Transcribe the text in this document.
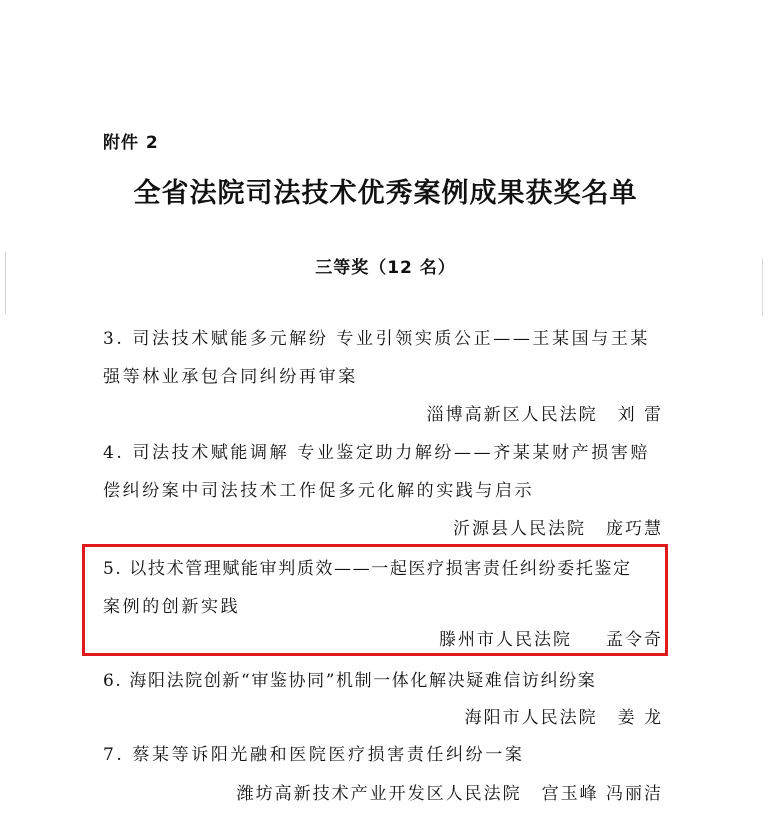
附件 2
全省法院司法技术优秀案例成果获奖名单
三等奖（12 名）
3. 司法技术赋能多元解纷 专业引领实质公正——王某国与王某
强等林业承包合同纠纷再审案
淄博高新区人民法院 刘 雷
4. 司法技术赋能调解 专业鉴定助力解纷——齐某某财产损害赔
偿纠纷案中司法技术工作促多元化解的实践与启示
沂源县人民法院 庞巧慧
5. 以技术管理赋能审判质效——一起医疗损害责任纠纷委托鉴定
案例的创新实践
滕州市人民法院 孟令奇
6. 海阳法院创新“审鉴协同”机制一体化解决疑难信访纠纷案
海阳市人民法院 姜 龙
7. 蔡某等诉阳光融和医院医疗损害责任纠纷一案
潍坊高新技术产业开发区人民法院 宫玉峰 冯丽洁
